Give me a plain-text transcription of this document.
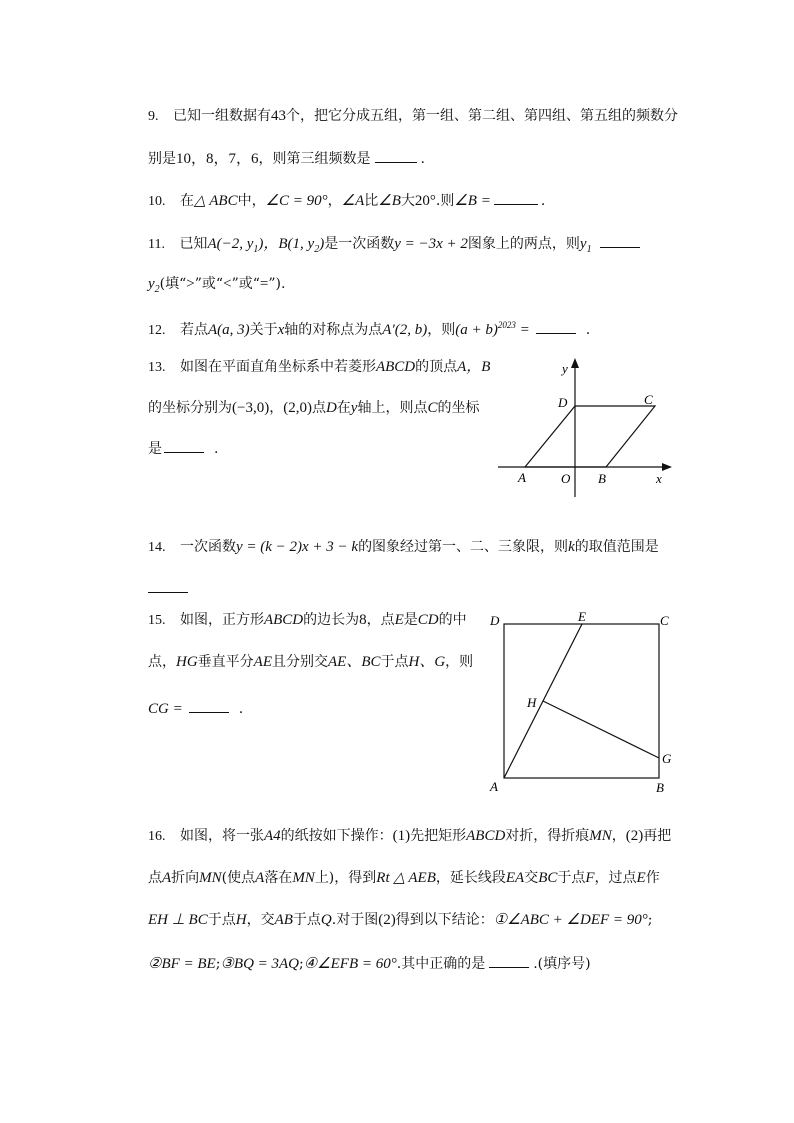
9. 已知一组数据有43个，把它分成五组，第一组、第二组、第四组、第五组的频数分
别是10，8，7，6，则第三组频数是	.
10. 在△ ABC中，∠C = 90°，∠A比∠B大20°.则∠B =	.
11. 已知A(−2, $y_1$)，B(1, $y_2$)是一次函数y = −3x + 2图象上的两点，则$y_1$
$y_2$(填“>”或“<”或“=”).
12. 若点A(a, 3)关于x轴的对称点为点A′(2, b)，则$(a + b)^{2023}$ =	.
13. 如图在平面直角坐标系中若菱形ABCD的顶点A，B
的坐标分别为(−3,0)，(2,0)点D在y轴上，则点C的坐标
是	.
y
D	C
A	O B	x
14. 一次函数y = (k − 2)x + 3 − k的图象经过第一、二、三象限，则k的取值范围是
15. 如图，正方形ABCD的边长为8，点E是CD的中
点，HG垂直平分AE且分别交AE、BC于点H、G，则
CG =	.
D	E	C
H
G
A	B
16. 如图，将一张A4的纸按如下操作：(1)先把矩形ABCD对折，得折痕MN，(2)再把
点A折向MN(使点A落在MN上)，得到Rt △ AEB，延长线段EA交BC于点F，过点E作
EH ⊥ BC于点H，交AB于点Q.对于图(2)得到以下结论：①∠ABC + ∠DEF = 90°;
②BF = BE;③BQ = 3AQ;④∠EFB = 60°.其中正确的是	.(填序号)
